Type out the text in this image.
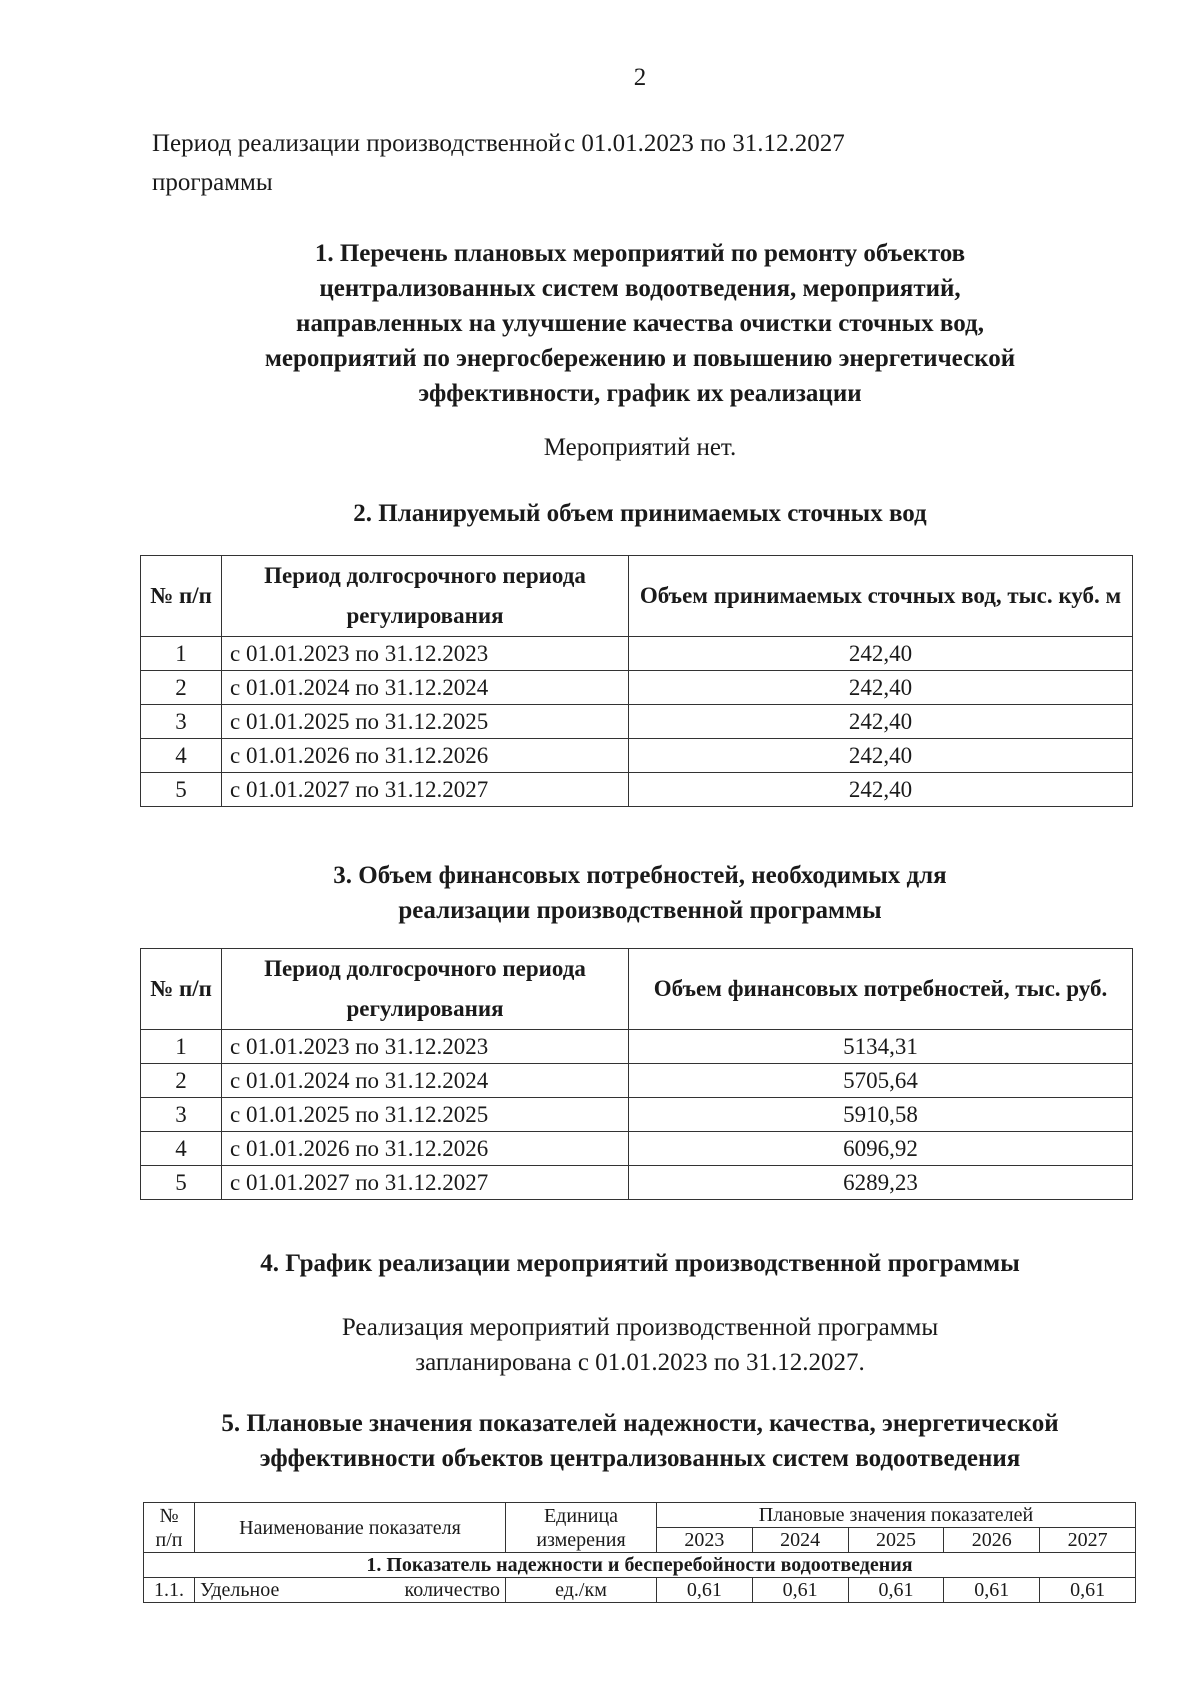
2
Период реализации производственной программы
с 01.01.2023 по 31.12.2027
1. Перечень плановых мероприятий по ремонту объектов
централизованных систем водоотведения, мероприятий,
направленных на улучшение качества очистки сточных вод,
мероприятий по энергосбережению и повышению энергетической
эффективности, график их реализации
Мероприятий нет.
2. Планируемый объем принимаемых сточных вод
№ п/п	Период долгосрочного периода регулирования	Объем принимаемых сточных вод, тыс. куб. м
1	с 01.01.2023 по 31.12.2023	242,40
2	с 01.01.2024 по 31.12.2024	242,40
3	с 01.01.2025 по 31.12.2025	242,40
4	с 01.01.2026 по 31.12.2026	242,40
5	с 01.01.2027 по 31.12.2027	242,40
3. Объем финансовых потребностей, необходимых для
реализации производственной программы
№ п/п	Период долгосрочного периода регулирования	Объем финансовых потребностей, тыс. руб.
1	с 01.01.2023 по 31.12.2023	5134,31
2	с 01.01.2024 по 31.12.2024	5705,64
3	с 01.01.2025 по 31.12.2025	5910,58
4	с 01.01.2026 по 31.12.2026	6096,92
5	с 01.01.2027 по 31.12.2027	6289,23
4. График реализации мероприятий производственной программы
Реализация мероприятий производственной программы
запланирована с 01.01.2023 по 31.12.2027.
5. Плановые значения показателей надежности, качества, энергетической
эффективности объектов централизованных систем водоотведения
№ п/п	Наименование показателя	Единица измерения	Плановые значения показателей				
			2023	2024	2025	2026	2027
1. Показатель надежности и бесперебойности водоотведения							
1.1.	Удельное количество	ед./км	0,61	0,61	0,61	0,61	0,61
